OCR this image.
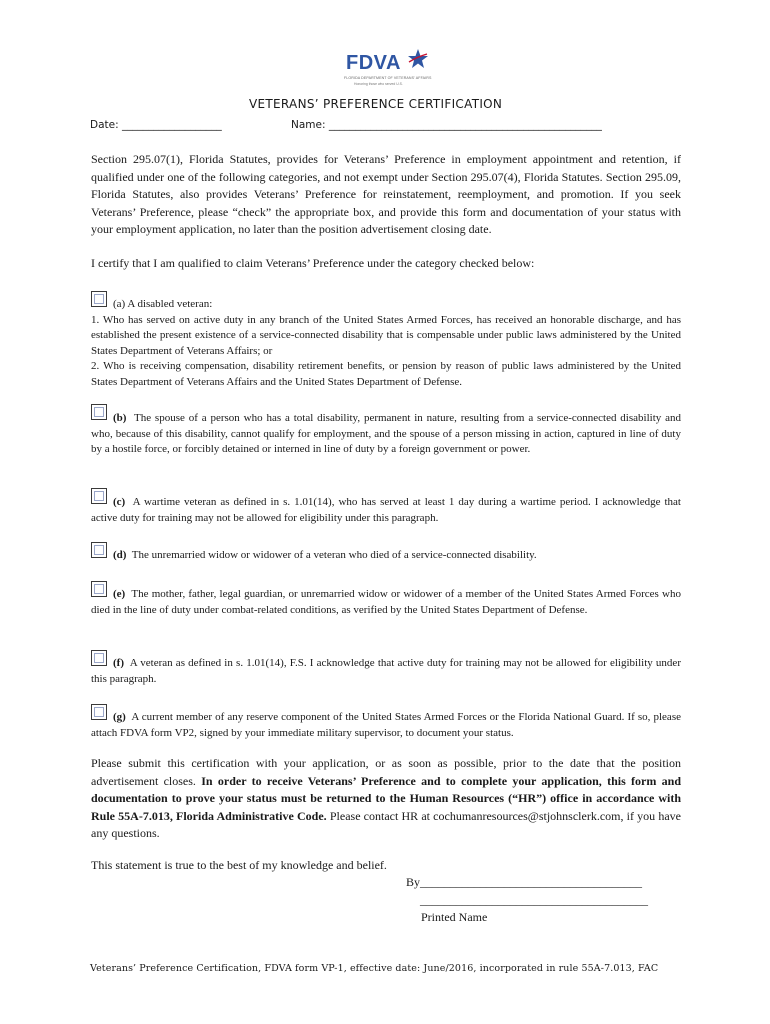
FDVA
FLORIDA DEPARTMENT OF VETERANS' AFFAIRS
Honoring those who served U.S.
VETERANS’ PREFERENCE CERTIFICATION
Date: ___________________	Name: ____________________________________________________
Section 295.07(1), Florida Statutes, provides for Veterans’ Preference in employment appointment and retention, if qualified under one of the following categories, and not exempt under Section 295.07(4), Florida Statutes. Section 295.09, Florida Statutes, also provides Veterans’ Preference for reinstatement, reemployment, and promotion. If you seek Veterans’ Preference, please “check” the appropriate box, and provide this form and documentation of your status with your employment application, no later than the position advertisement closing date.
I certify that I am qualified to claim Veterans’ Preference under the category checked below:
(a) A disabled veteran:
1. Who has served on active duty in any branch of the United States Armed Forces, has received an honorable discharge, and has established the present existence of a service-connected disability that is compensable under public laws administered by the United States Department of Veterans Affairs; or
2. Who is receiving compensation, disability retirement benefits, or pension by reason of public laws administered by the United States Department of Veterans Affairs and the United States Department of Defense.
(b) The spouse of a person who has a total disability, permanent in nature, resulting from a service-connected disability and who, because of this disability, cannot qualify for employment, and the spouse of a person missing in action, captured in line of duty by a hostile force, or forcibly detained or interned in line of duty by a foreign government or power.
(c) A wartime veteran as defined in s. 1.01(14), who has served at least 1 day during a wartime period. I acknowledge that active duty for training may not be allowed for eligibility under this paragraph.
(d) The unremarried widow or widower of a veteran who died of a service-connected disability.
(e) The mother, father, legal guardian, or unremarried widow or widower of a member of the United States Armed Forces who died in the line of duty under combat-related conditions, as verified by the United States Department of Defense.
(f) A veteran as defined in s. 1.01(14), F.S. I acknowledge that active duty for training may not be allowed for eligibility under this paragraph.
(g) A current member of any reserve component of the United States Armed Forces or the Florida National Guard. If so, please attach FDVA form VP2, signed by your immediate military supervisor, to document your status.
Please submit this certification with your application, or as soon as possible, prior to the date that the position advertisement closes. In order to receive Veterans’ Preference and to complete your application, this form and documentation to prove your status must be returned to the Human Resources (“HR”) office in accordance with Rule 55A-7.013, Florida Administrative Code. Please contact HR at cochumanresources@stjohnsclerk.com, if you have any questions.
This statement is true to the best of my knowledge and belief.
By_____________________________________
______________________________________
Printed Name
Veterans’ Preference Certification, FDVA form VP-1, effective date: June/2016, incorporated in rule 55A-7.013, FAC
